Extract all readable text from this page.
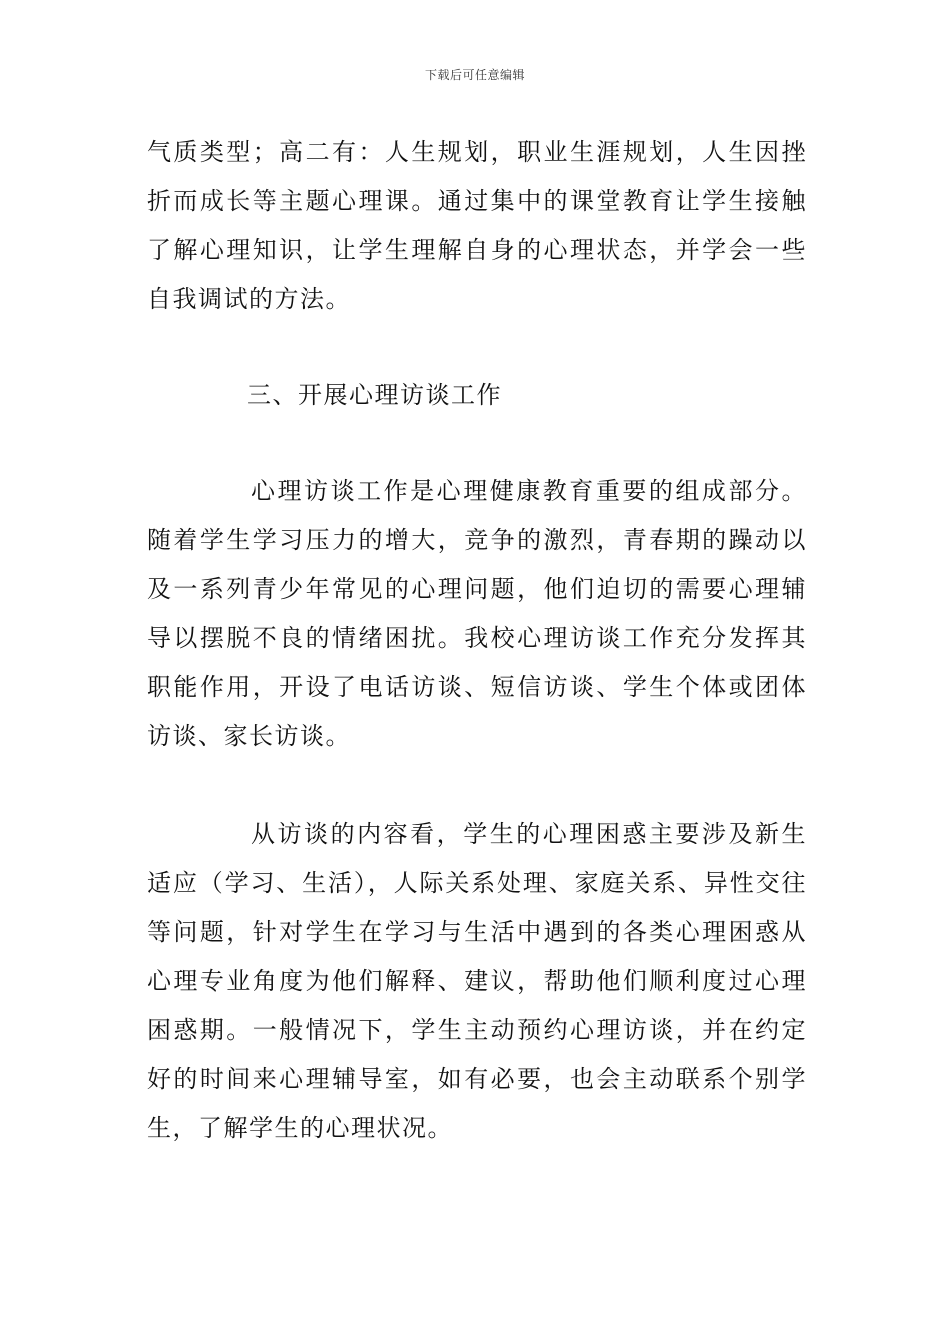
下载后可任意编辑

气质类型；高二有：人生规划，职业生涯规划，人生因挫折而成长等主题心理课。通过集中的课堂教育让学生接触了解心理知识，让学生理解自身的心理状态，并学会一些自我调试的方法。

三、开展心理访谈工作

心理访谈工作是心理健康教育重要的组成部分。随着学生学习压力的增大，竞争的激烈，青春期的躁动以及一系列青少年常见的心理问题，他们迫切的需要心理辅导以摆脱不良的情绪困扰。我校心理访谈工作充分发挥其职能作用，开设了电话访谈、短信访谈、学生个体或团体访谈、家长访谈。

从访谈的内容看，学生的心理困惑主要涉及新生适应（学习、生活），人际关系处理、家庭关系、异性交往等问题，针对学生在学习与生活中遇到的各类心理困惑从心理专业角度为他们解释、建议，帮助他们顺利度过心理困惑期。一般情况下，学生主动预约心理访谈，并在约定好的时间来心理辅导室，如有必要，也会主动联系个别学生，了解学生的心理状况。
